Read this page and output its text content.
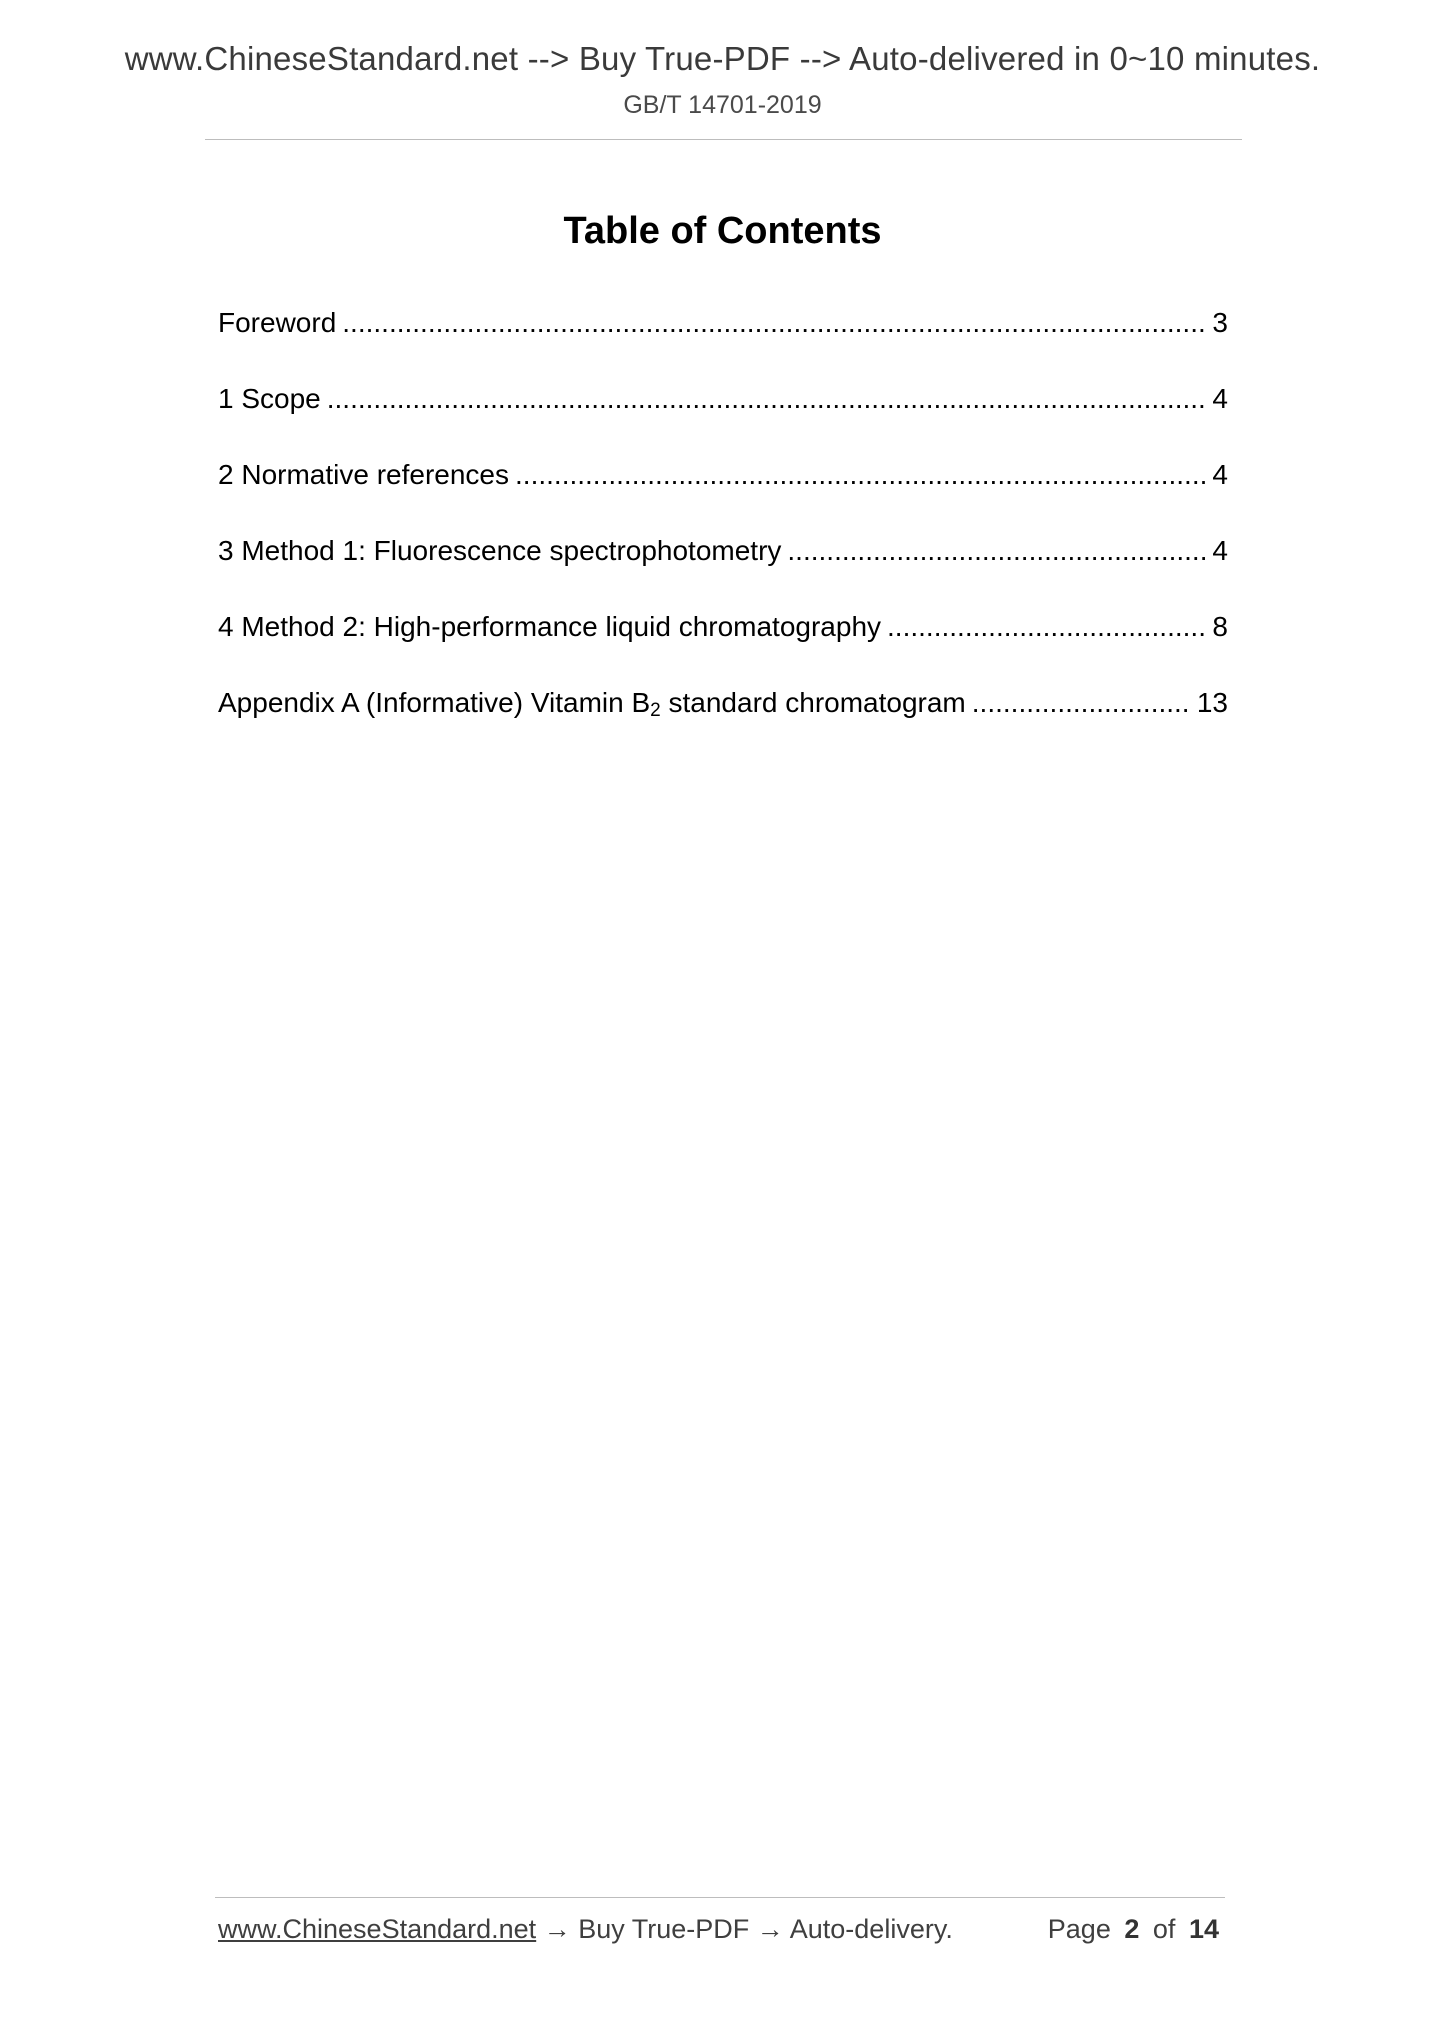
www.ChineseStandard.net --> Buy True-PDF --> Auto-delivered in 0~10 minutes.
GB/T 14701-2019
Table of Contents
Foreword .....	3
1 Scope .....	4
2 Normative references .....	4
3 Method 1: Fluorescence spectrophotometry .....	4
4 Method 2: High-performance liquid chromatography .....	8
Appendix A (Informative) Vitamin $B_2$ standard chromatogram .....	13
www.ChineseStandard.net → Buy True-PDF → Auto-delivery.	Page 2 of 14
